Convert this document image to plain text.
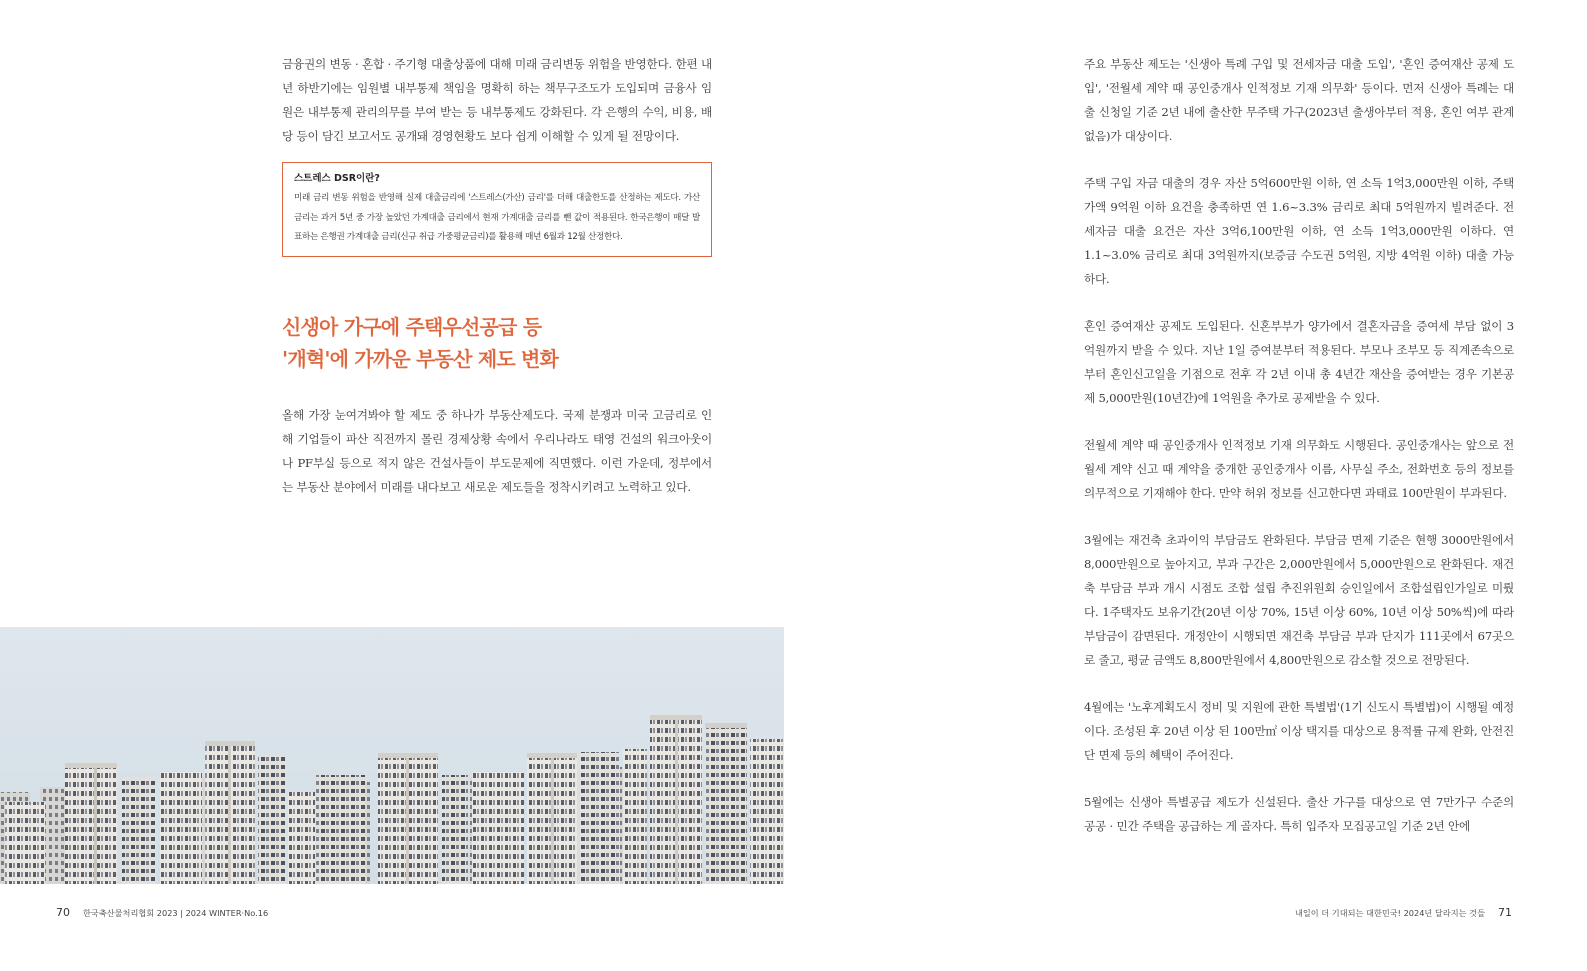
금융권의 변동 · 혼합 · 주기형 대출상품에 대해 미래 금리변동 위험을 반영한다. 한편 내년 하반기에는 임원별 내부통제 책임을 명확히 하는 책무구조도가 도입되며 금융사 임원은 내부통제 관리의무를 부여 받는 등 내부통제도 강화된다. 각 은행의 수익, 비용, 배당 등이 담긴 보고서도 공개돼 경영현황도 보다 쉽게 이해할 수 있게 될 전망이다.

스트레스 DSR이란?
미래 금리 변동 위험을 반영해 실제 대출금리에 '스트레스(가산) 금리'를 더해 대출한도를 산정하는 제도다. 가산 금리는 과거 5년 중 가장 높았던 가계대출 금리에서 현재 가계대출 금리를 뺀 값이 적용된다. 한국은행이 매달 발표하는 은행권 가계대출 금리(신규 취급 가중평균금리)를 활용해 매년 6월과 12월 산정한다.
신생아 가구에 주택우선공급 등
'개혁'에 가까운 부동산 제도 변화

올해 가장 눈여겨봐야 할 제도 중 하나가 부동산제도다. 국제 분쟁과 미국 고금리로 인해 기업들이 파산 직전까지 몰린 경제상황 속에서 우리나라도 태영 건설의 워크아웃이나 PF부실 등으로 적지 않은 건설사들이 부도문제에 직면했다. 이런 가운데, 정부에서는 부동산 분야에서 미래를 내다보고 새로운 제도들을 정착시키려고 노력하고 있다.

주요 부동산 제도는 '신생아 특례 구입 및 전세자금 대출 도입', '혼인 증여재산 공제 도입', '전월세 계약 때 공인중개사 인적정보 기재 의무화' 등이다. 먼저 신생아 특례는 대출 신청일 기준 2년 내에 출산한 무주택 가구(2023년 출생아부터 적용, 혼인 여부 관계없음)가 대상이다.

주택 구입 자금 대출의 경우 자산 5억600만원 이하, 연 소득 1억3,000만원 이하, 주택가액 9억원 이하 요건을 충족하면 연 1.6~3.3% 금리로 최대 5억원까지 빌려준다. 전세자금 대출 요건은 자산 3억6,100만원 이하, 연 소득 1억3,000만원 이하다. 연 1.1~3.0% 금리로 최대 3억원까지(보증금 수도권 5억원, 지방 4억원 이하) 대출 가능하다.

혼인 증여재산 공제도 도입된다. 신혼부부가 양가에서 결혼자금을 증여세 부담 없이 3억원까지 받을 수 있다. 지난 1일 증여분부터 적용된다. 부모나 조부모 등 직계존속으로부터 혼인신고일을 기점으로 전후 각 2년 이내 총 4년간 재산을 증여받는 경우 기본공제 5,000만원(10년간)에 1억원을 추가로 공제받을 수 있다.

전월세 계약 때 공인중개사 인적정보 기재 의무화도 시행된다. 공인중개사는 앞으로 전월세 계약 신고 때 계약을 중개한 공인중개사 이름, 사무실 주소, 전화번호 등의 정보를 의무적으로 기재해야 한다. 만약 허위 정보를 신고한다면 과태료 100만원이 부과된다.

3월에는 재건축 초과이익 부담금도 완화된다. 부담금 면제 기준은 현행 3000만원에서 8,000만원으로 높아지고, 부과 구간은 2,000만원에서 5,000만원으로 완화된다. 재건축 부담금 부과 개시 시점도 조합 설립 추진위원회 승인일에서 조합설립인가일로 미뤘다. 1주택자도 보유기간(20년 이상 70%, 15년 이상 60%, 10년 이상 50%씩)에 따라 부담금이 감면된다. 개정안이 시행되면 재건축 부담금 부과 단지가 111곳에서 67곳으로 줄고, 평균 금액도 8,800만원에서 4,800만원으로 감소할 것으로 전망된다.

4월에는 '노후계획도시 정비 및 지원에 관한 특별법'(1기 신도시 특별법)이 시행될 예정이다. 조성된 후 20년 이상 된 100만㎡ 이상 택지를 대상으로 용적률 규제 완화, 안전진단 면제 등의 혜택이 주어진다.

5월에는 신생아 특별공급 제도가 신설된다. 출산 가구를 대상으로 연 7만가구 수준의 공공 · 민간 주택을 공급하는 게 골자다. 특히 입주자 모집공고일 기준 2년 안에

70 한국축산물처리협회 2023 | 2024 WINTER·No.16	내일이 더 기대되는 대한민국! 2024년 달라지는 것들 71
